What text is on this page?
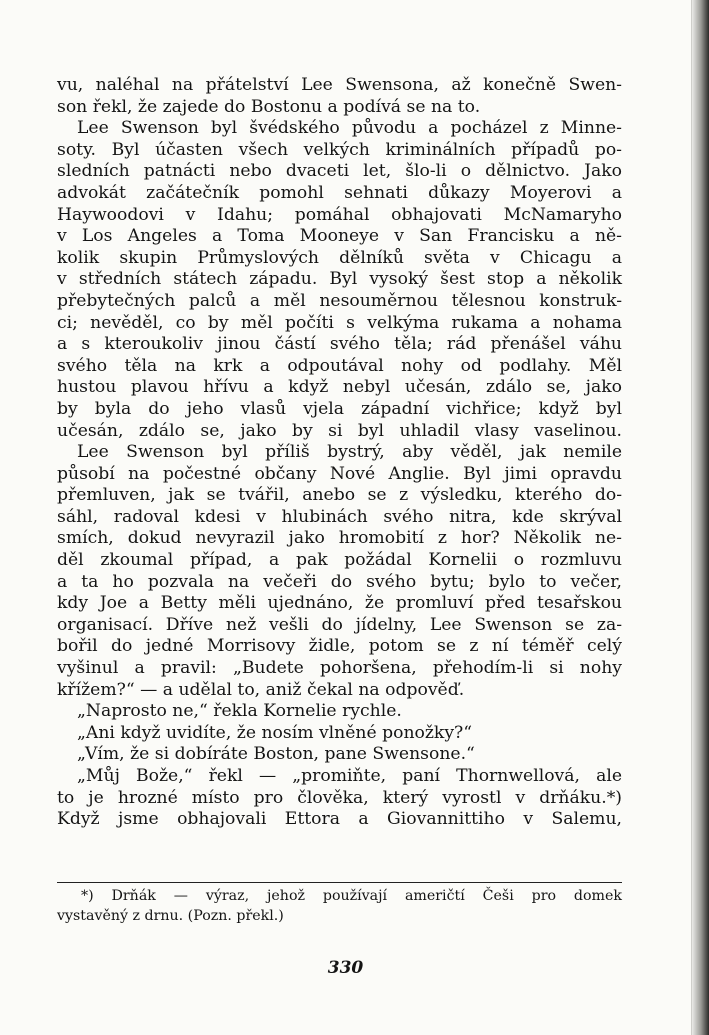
vu, naléhal na přátelství Lee Swensona, až konečně Swen-
son řekl, že zajede do Bostonu a podívá se na to.
Lee Swenson byl švédského původu a pocházel z Minne-
soty. Byl účasten všech velkých kriminálních případů po-
sledních patnácti nebo dvaceti let, šlo-li o dělnictvo. Jako
advokát začátečník pomohl sehnati důkazy Moyerovi a
Haywoodovi v Idahu; pomáhal obhajovati McNamaryho
v Los Angeles a Toma Mooneye v San Francisku a ně-
kolik skupin Průmyslových dělníků světa v Chicagu a
v středních státech západu. Byl vysoký šest stop a několik
přebytečných palců a měl nesouměrnou tělesnou konstruk-
ci; nevěděl, co by měl počíti s velkýma rukama a nohama
a s kteroukoliv jinou částí svého těla; rád přenášel váhu
svého těla na krk a odpoutával nohy od podlahy. Měl
hustou plavou hřívu a když nebyl učesán, zdálo se, jako
by byla do jeho vlasů vjela západní vichřice; když byl
učesán, zdálo se, jako by si byl uhladil vlasy vaselinou.
Lee Swenson byl příliš bystrý, aby věděl, jak nemile
působí na počestné občany Nové Anglie. Byl jimi opravdu
přemluven, jak se tvářil, anebo se z výsledku, kterého do-
sáhl, radoval kdesi v hlubinách svého nitra, kde skrýval
smích, dokud nevyrazil jako hromobití z hor? Několik ne-
děl zkoumal případ, a pak požádal Kornelii o rozmluvu
a ta ho pozvala na večeři do svého bytu; bylo to večer,
kdy Joe a Betty měli ujednáno, že promluví před tesařskou
organisací. Dříve než vešli do jídelny, Lee Swenson se za-
bořil do jedné Morrisovy židle, potom se z ní téměř celý
vyšinul a pravil: „Budete pohoršena, přehodím-li si nohy
křížem?“ — a udělal to, aniž čekal na odpověď.
„Naprosto ne,“ řekla Kornelie rychle.
„Ani když uvidíte, že nosím vlněné ponožky?“
„Vím, že si dobíráte Boston, pane Swensone.“
„Můj Bože,“ řekl — „promiňte, paní Thornwellová, ale
to je hrozné místo pro člověka, který vyrostl v drňáku.*)
Když jsme obhajovali Ettora a Giovannittiho v Salemu,
*) Drňák — výraz, jehož používají američtí Češi pro domek
vystavěný z drnu. (Pozn. překl.)
330
